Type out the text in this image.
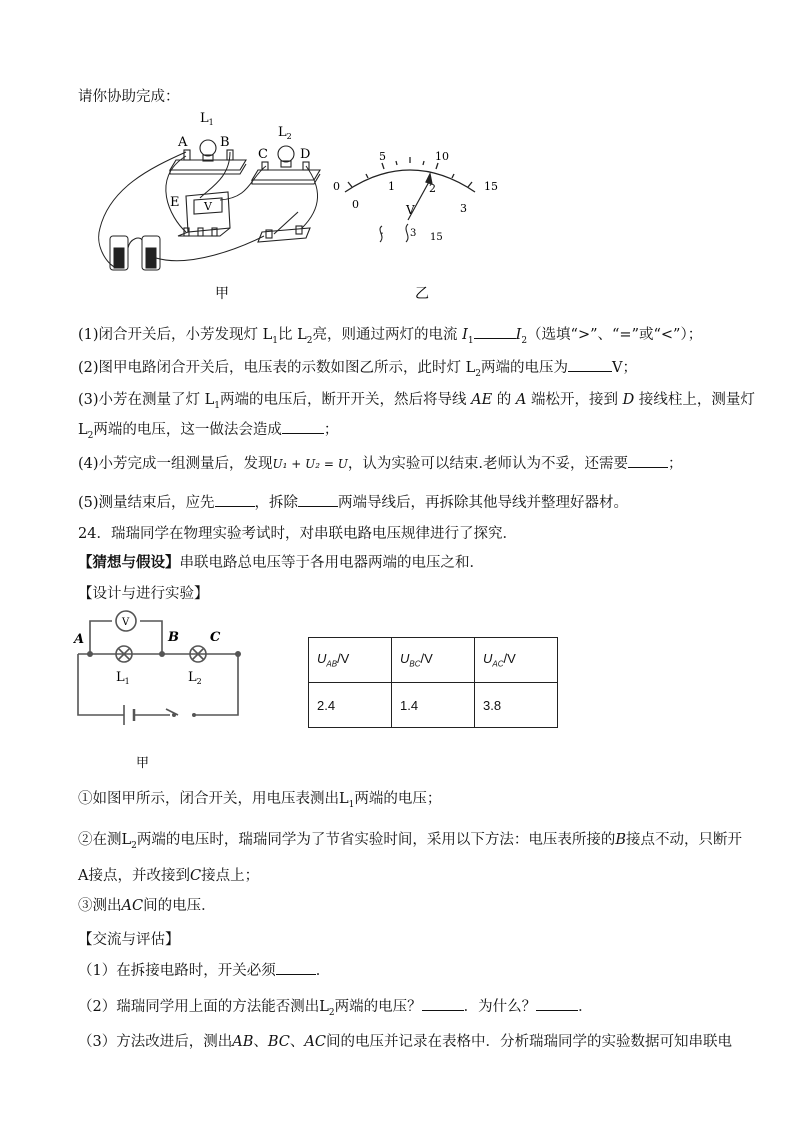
请你协助完成：
$L_1$
A	B
$L_2$
C D
E V
0
5	10
15
0
1	2
3
V
-	3 15
甲	乙
(1)闭合开关后，小芳发现灯 $L_1$比 $L_2$亮，则通过两灯的电流 $I_1$	$I_2$（选填“>”、“=”或“<”）；
(2)图甲电路闭合开关后，电压表的示数如图乙所示，此时灯 $L_2$两端的电压为	V；
(3)小芳在测量了灯 $L_1$两端的电压后，断开开关，然后将导线 AE 的 A 端松开，接到 D 接线柱上，测量灯
$L_2$两端的电压，这一做法会造成	；
(4)小芳完成一组测量后，发现U₁ + U₂ = U，认为实验可以结束.老师认为不妥，还需要	；
(5)测量结束后，应先	，拆除	两端导线后，再拆除其他导线并整理好器材。
24．瑞瑞同学在物理实验考试时，对串联电路电压规律进行了探究．
【猜想与假设】串联电路总电压等于各用电器两端的电压之和．
【设计与进行实验】
V
A	B C
$L_1$	$L_2$
甲
$U_{AB}/V$	$U_{BC}/V$	$U_{AC}/V$
2.4	1.4	3.8
①如图甲所示，闭合开关，用电压表测出$L_1$两端的电压；
②在测$L_2$两端的电压时，瑞瑞同学为了节省实验时间，采用以下方法：电压表所接的B接点不动，只断开
A接点，并改接到C接点上；
③测出AC间的电压．
【交流与评估】
（1）在拆接电路时，开关必须	．
（2）瑞瑞同学用上面的方法能否测出$L_2$两端的电压？	．为什么？	．
（3）方法改进后，测出AB、BC、AC间的电压并记录在表格中．分析瑞瑞同学的实验数据可知串联电
